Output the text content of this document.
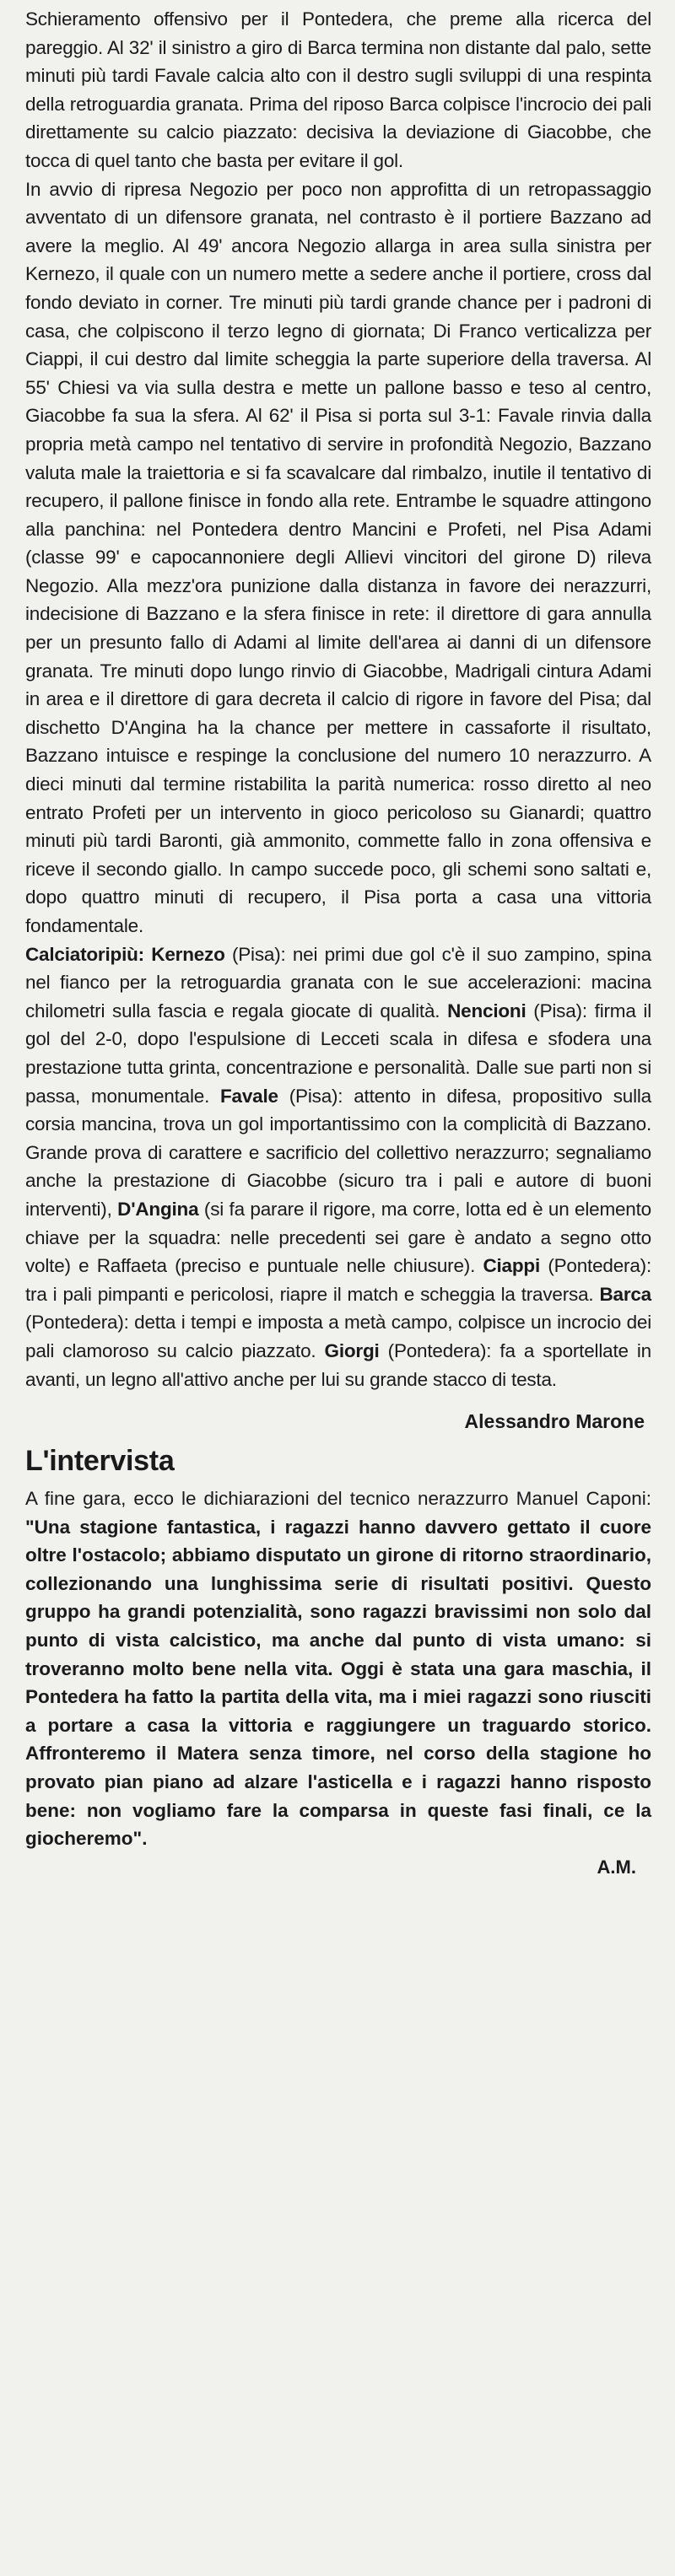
Schieramento offensivo per il Pontedera, che preme alla ricerca del pareggio. Al 32' il sinistro a giro di Barca termina non distante dal palo, sette minuti più tardi Favale calcia alto con il destro sugli sviluppi di una respinta della retroguardia granata. Prima del riposo Barca colpisce l'incrocio dei pali direttamente su calcio piazzato: decisiva la deviazione di Giacobbe, che tocca di quel tanto che basta per evitare il gol.

In avvio di ripresa Negozio per poco non approfitta di un retropassaggio avventato di un difensore granata, nel contrasto è il portiere Bazzano ad avere la meglio. Al 49' ancora Negozio allarga in area sulla sinistra per Kernezo, il quale con un numero mette a sedere anche il portiere, cross dal fondo deviato in corner. Tre minuti più tardi grande chance per i padroni di casa, che colpiscono il terzo legno di giornata; Di Franco verticalizza per Ciappi, il cui destro dal limite scheggia la parte superiore della traversa. Al 55' Chiesi va via sulla destra e mette un pallone basso e teso al centro, Giacobbe fa sua la sfera. Al 62' il Pisa si porta sul 3-1: Favale rinvia dalla propria metà campo nel tentativo di servire in profondità Negozio, Bazzano valuta male la traiettoria e si fa scavalcare dal rimbalzo, inutile il tentativo di recupero, il pallone finisce in fondo alla rete. Entrambe le squadre attingono alla panchina: nel Pontedera dentro Mancini e Profeti, nel Pisa Adami (classe 99' e capocannoniere degli Allievi vincitori del girone D) rileva Negozio. Alla mezz'ora punizione dalla distanza in favore dei nerazzurri, indecisione di Bazzano e la sfera finisce in rete: il direttore di gara annulla per un presunto fallo di Adami al limite dell'area ai danni di un difensore granata. Tre minuti dopo lungo rinvio di Giacobbe, Madrigali cintura Adami in area e il direttore di gara decreta il calcio di rigore in favore del Pisa; dal dischetto D'Angina ha la chance per mettere in cassaforte il risultato, Bazzano intuisce e respinge la conclusione del numero 10 nerazzurro. A dieci minuti dal termine ristabilita la parità numerica: rosso diretto al neo entrato Profeti per un intervento in gioco pericoloso su Gianardi; quattro minuti più tardi Baronti, già ammonito, commette fallo in zona offensiva e riceve il secondo giallo. In campo succede poco, gli schemi sono saltati e, dopo quattro minuti di recupero, il Pisa porta a casa una vittoria fondamentale.

Calciatoripiù: Kernezo (Pisa): nei primi due gol c'è il suo zampino, spina nel fianco per la retroguardia granata con le sue accelerazioni: macina chilometri sulla fascia e regala giocate di qualità. Nencioni (Pisa): firma il gol del 2-0, dopo l'espulsione di Lecceti scala in difesa e sfodera una prestazione tutta grinta, concentrazione e personalità. Dalle sue parti non si passa, monumentale. Favale (Pisa): attento in difesa, propositivo sulla corsia mancina, trova un gol importantissimo con la complicità di Bazzano. Grande prova di carattere e sacrificio del collettivo nerazzurro; segnaliamo anche la prestazione di Giacobbe (sicuro tra i pali e autore di buoni interventi), D'Angina (si fa parare il rigore, ma corre, lotta ed è un elemento chiave per la squadra: nelle precedenti sei gare è andato a segno otto volte) e Raffaeta (preciso e puntuale nelle chiusure). Ciappi (Pontedera): tra i pali pimpanti e pericolosi, riapre il match e scheggia la traversa. Barca (Pontedera): detta i tempi e imposta a metà campo, colpisce un incrocio dei pali clamoroso su calcio piazzato. Giorgi (Pontedera): fa a sportellate in avanti, un legno all'attivo anche per lui su grande stacco di testa.

Alessandro Marone
L'intervista

A fine gara, ecco le dichiarazioni del tecnico nerazzurro Manuel Caponi: "Una stagione fantastica, i ragazzi hanno davvero gettato il cuore oltre l'ostacolo; abbiamo disputato un girone di ritorno straordinario, collezionando una lunghissima serie di risultati positivi. Questo gruppo ha grandi potenzialità, sono ragazzi bravissimi non solo dal punto di vista calcistico, ma anche dal punto di vista umano: si troveranno molto bene nella vita. Oggi è stata una gara maschia, il Pontedera ha fatto la partita della vita, ma i miei ragazzi sono riusciti a portare a casa la vittoria e raggiungere un traguardo storico. Affronteremo il Matera senza timore, nel corso della stagione ho provato pian piano ad alzare l'asticella e i ragazzi hanno risposto bene: non vogliamo fare la comparsa in queste fasi finali, ce la giocheremo".

A.M.
